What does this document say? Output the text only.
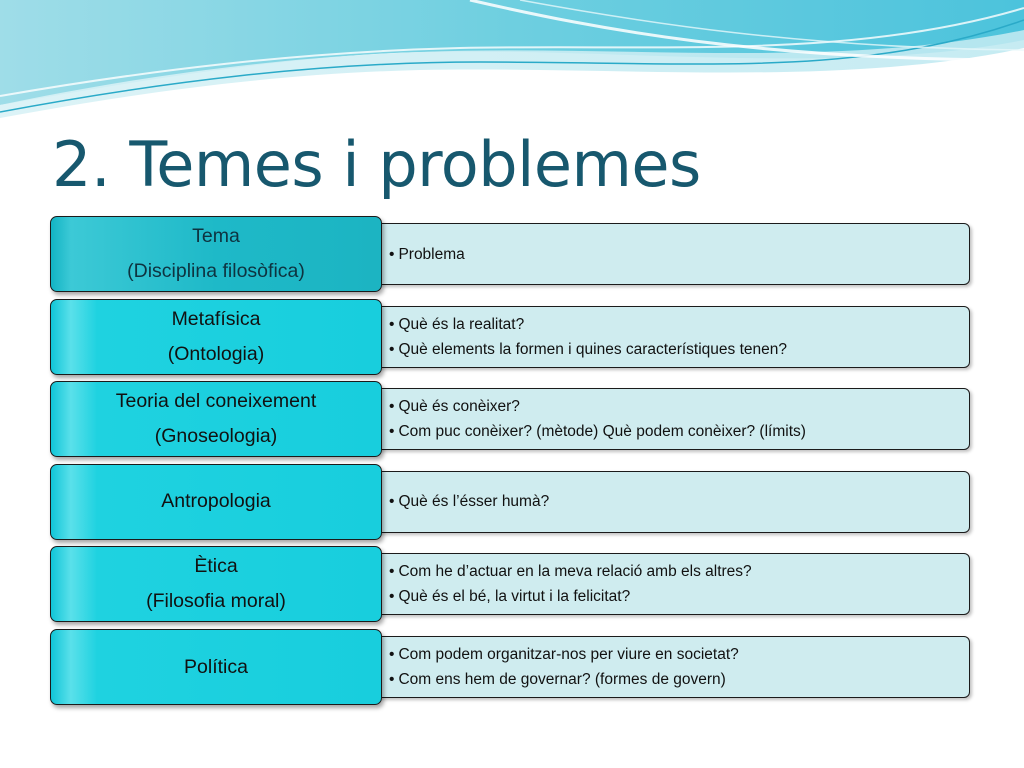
2. Temes i problemes
• Problema
Tema
(Disciplina filosòfica)
• Què és la realitat?
• Què elements la formen i quines característiques tenen?
Metafísica
(Ontologia)
• Què és conèixer?
• Com puc conèixer? (mètode) Què podem conèixer? (límits)
Teoria del coneixement
(Gnoseologia)
• Què és l’ésser humà?
Antropologia
• Com he d’actuar en la meva relació amb els altres?
• Què és el bé, la virtut i la felicitat?
Ètica
(Filosofia moral)
• Com podem organitzar-nos per viure en societat?
• Com ens hem de governar? (formes de govern)
Política
